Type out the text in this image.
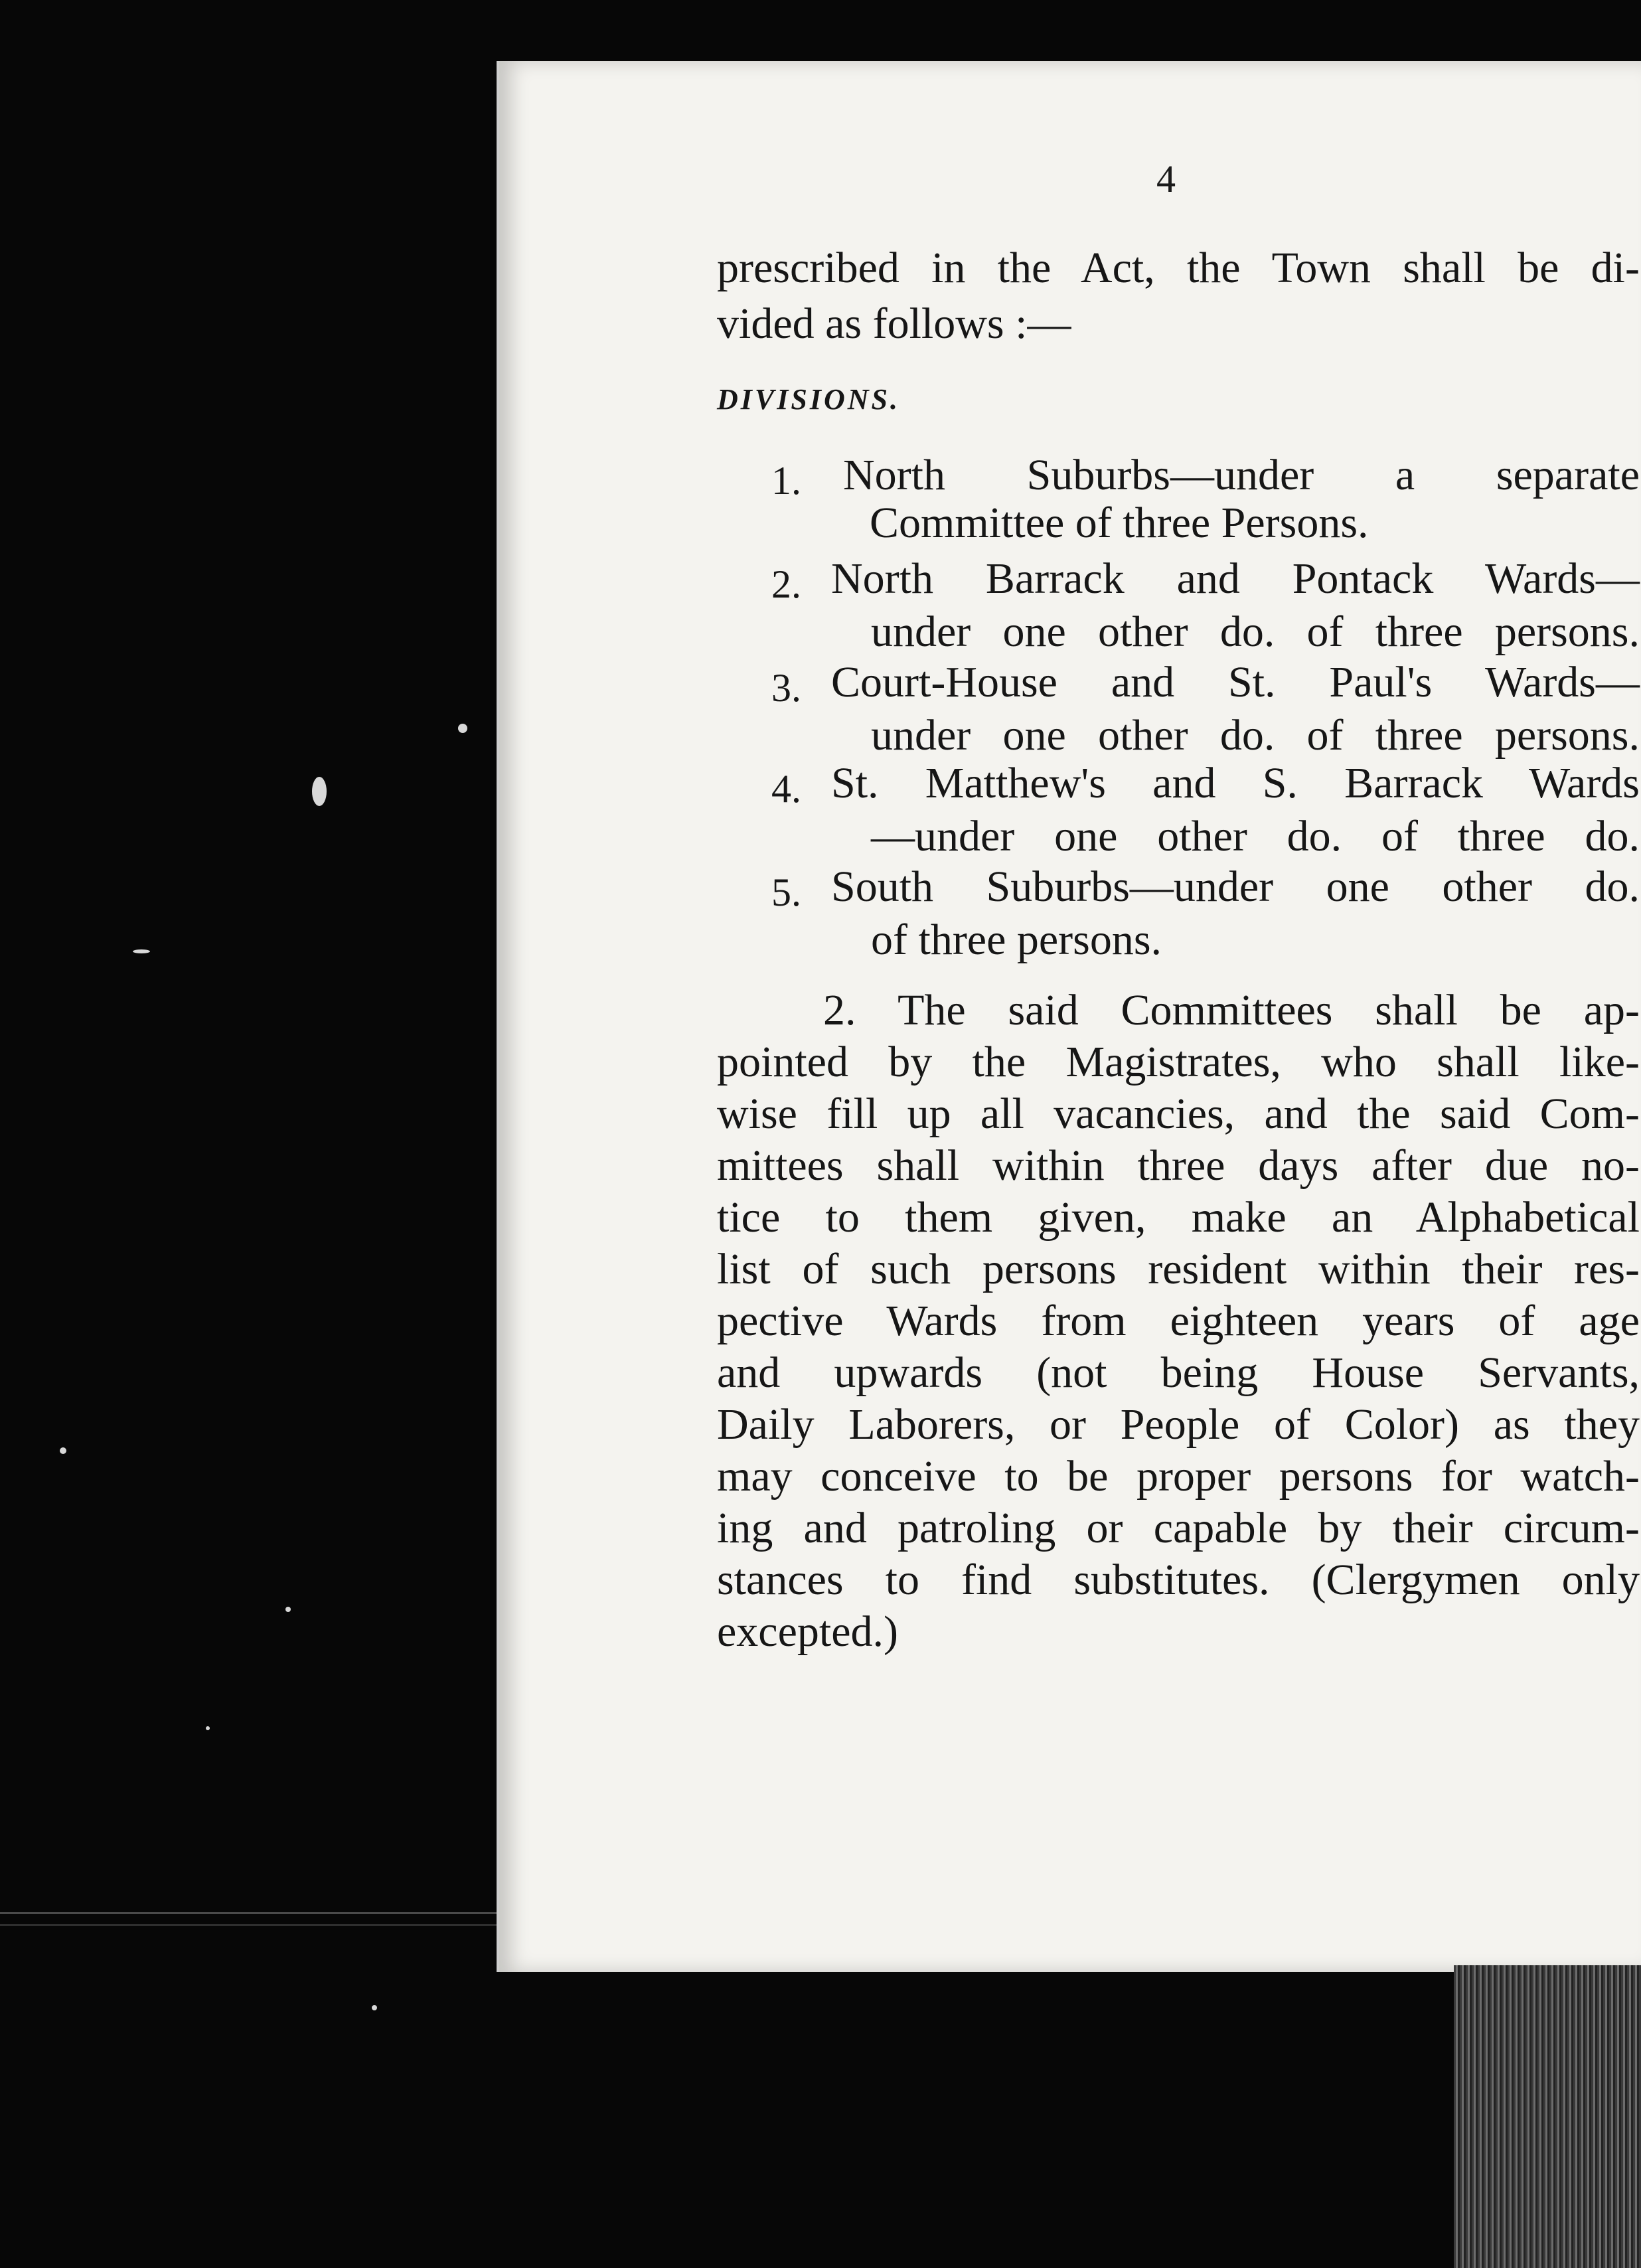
4
prescribed in the Act, the Town shall be di-
vided as follows :—
DIVISIONS.
1. North Suburbs—under a separate
Committee of three Persons.
2. North Barrack and Pontack Wards—
under one other do. of three persons.
3. Court-House and St. Paul's Wards—
under one other do. of three persons.
4. St. Matthew's and S. Barrack Wards
—under one other do. of three do.
5. South Suburbs—under one other do.
of three persons.
2. The said Committees shall be ap-
pointed by the Magistrates, who shall like-
wise fill up all vacancies, and the said Com-
mittees shall within three days after due no-
tice to them given, make an Alphabetical
list of such persons resident within their res-
pective Wards from eighteen years of age
and upwards (not being House Servants,
Daily Laborers, or People of Color) as they
may conceive to be proper persons for watch-
ing and patroling or capable by their circum-
stances to find substitutes. (Clergymen only
excepted.)
